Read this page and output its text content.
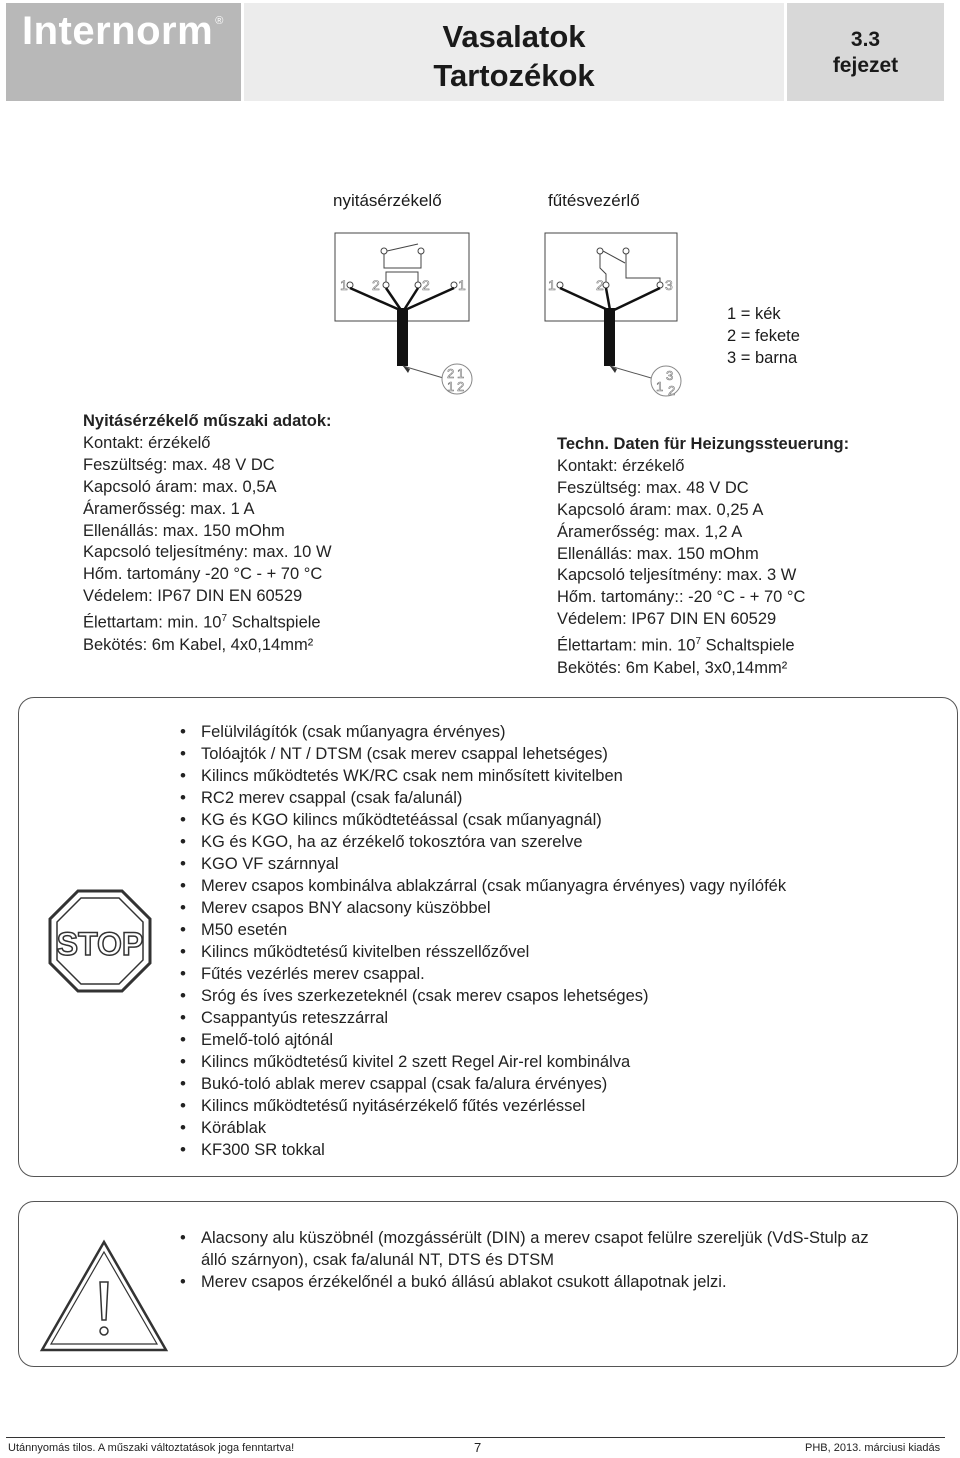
Internorm ®	Vasalatok
Tartozékok
3.3
fejezet
nyitásérzékelő	fűtésvezérlő
1 2	2 1
2 1
1 2
1	2	3
3
1 2
1 = kék
2 = fekete
3 = barna
Nyitásérzékelő műszaki adatok:
Kontakt: érzékelő
Feszültség: max. 48 V DC
Kapcsoló áram: max. 0,5A
Áramerősség: max. 1 A
Ellenállás: max. 150 mOhm
Kapcsoló teljesítmény: max. 10 W
Hőm. tartomány -20 °C - + 70 °C
Védelem: IP67 DIN EN 60529
Élettartam: min. $10^7$ Schaltspiele
Bekötés: 6m Kabel, 4x0,14mm²
Techn. Daten für Heizungssteuerung:
Kontakt: érzékelő
Feszültség: max. 48 V DC
Kapcsoló áram: max. 0,25 A
Áramerősség: max. 1,2 A
Ellenállás: max. 150 mOhm
Kapcsoló teljesítmény: max. 3 W
Hőm. tartomány:: -20 °C - + 70 °C
Védelem: IP67 DIN EN 60529
Élettartam: min. $10^7$ Schaltspiele
Bekötés: 6m Kabel, 3x0,14mm²
STOP
• Felülvilágítók (csak műanyagra érvényes)
• Tolóajtók / NT / DTSM (csak merev csappal lehetséges)
• Kilincs működtetés WK/RC csak nem minősített kivitelben
• RC2 merev csappal (csak fa/alunál)
• KG és KGO kilincs működtetéással (csak műanyagnál)
• KG és KGO, ha az érzékelő tokosztóra van szerelve
• KGO VF szárnnyal
• Merev csapos kombinálva ablakzárral (csak műanyagra érvényes) vagy nyílófék
• Merev csapos BNY alacsony küszöbbel
• M50 esetén
• Kilincs működtetésű kivitelben résszellőzővel
• Fűtés vezérlés merev csappal.
• Sróg és íves szerkezeteknél (csak merev csapos lehetséges)
• Csappantyús reteszzárral
• Emelő-toló ajtónál
• Kilincs működtetésű kivitel 2 szett Regel Air-rel kombinálva
• Bukó-toló ablak merev csappal (csak fa/alura érvényes)
• Kilincs működtetésű nyitásérzékelő fűtés vezérléssel
• Köráblak
• KF300 SR tokkal
• Alacsony alu küszöbnél (mozgássérült (DIN) a merev csapot felülre szereljük (VdS-Stulp az
álló szárnyon), csak fa/alunál NT, DTS és DTSM
• Merev csapos érzékelőnél a bukó állású ablakot csukott állapotnak jelzi.
Utánnyomás tilos. A műszaki változtatások joga fenntartva!	7	PHB, 2013. márciusi kiadás
